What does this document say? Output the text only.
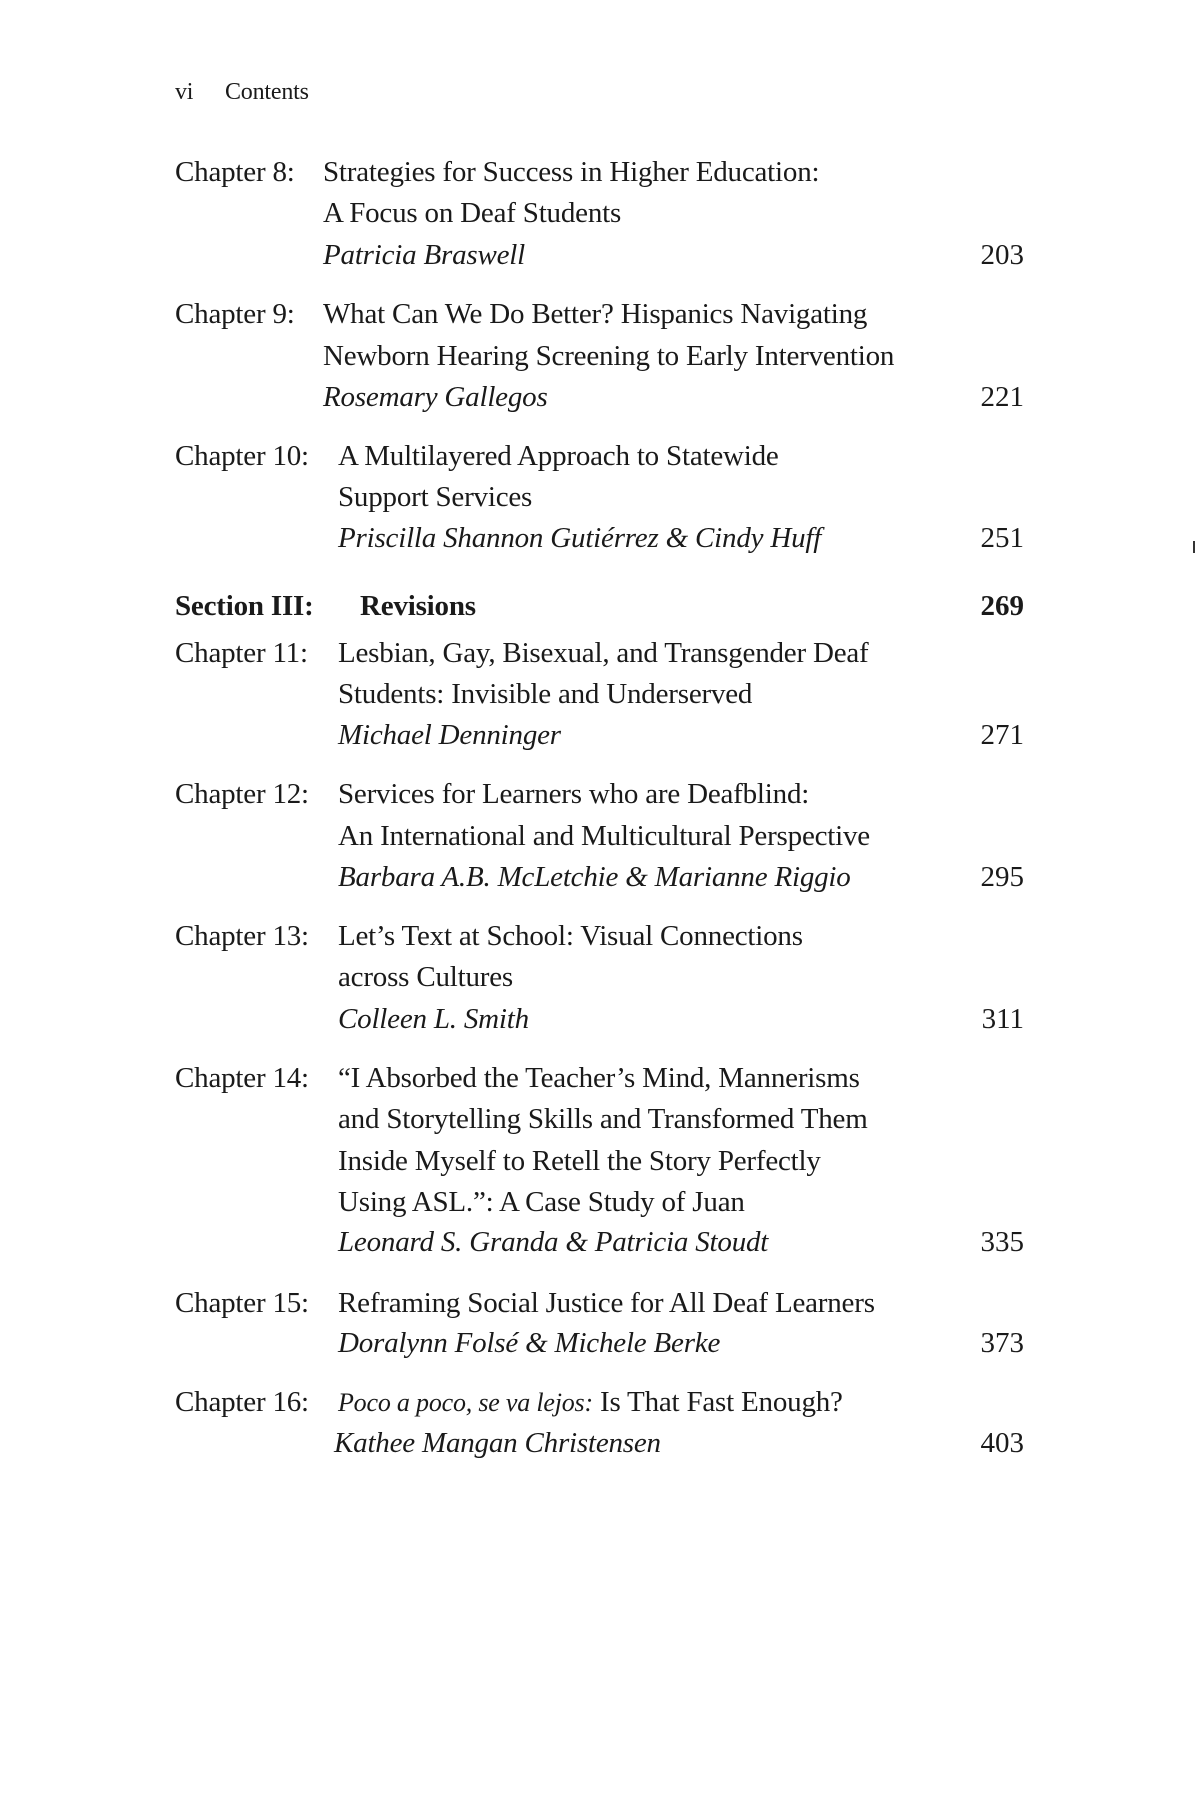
vi Contents
Chapter 8: Strategies for Success in Higher Education:
A Focus on Deaf Students
Patricia Braswell	203
Chapter 9: What Can We Do Better? Hispanics Navigating
Newborn Hearing Screening to Early Intervention
Rosemary Gallegos	221
Chapter 10: A Multilayered Approach to Statewide
Support Services
Priscilla Shannon Gutiérrez & Cindy Huff	251
Section III: Revisions	269
Chapter 11: Lesbian, Gay, Bisexual, and Transgender Deaf
Students: Invisible and Underserved
Michael Denninger	271
Chapter 12: Services for Learners who are Deafblind:
An International and Multicultural Perspective
Barbara A.B. McLetchie & Marianne Riggio	295
Chapter 13: Let’s Text at School: Visual Connections
across Cultures
Colleen L. Smith	311
Chapter 14: “I Absorbed the Teacher’s Mind, Mannerisms
and Storytelling Skills and Transformed Them
Inside Myself to Retell the Story Perfectly
Using ASL.”: A Case Study of Juan
Leonard S. Granda & Patricia Stoudt	335
Chapter 15: Reframing Social Justice for All Deaf Learners
Doralynn Folsé & Michele Berke	373
Chapter 16: Poco a poco, se va lejos: Is That Fast Enough?
Kathee Mangan Christensen	403
